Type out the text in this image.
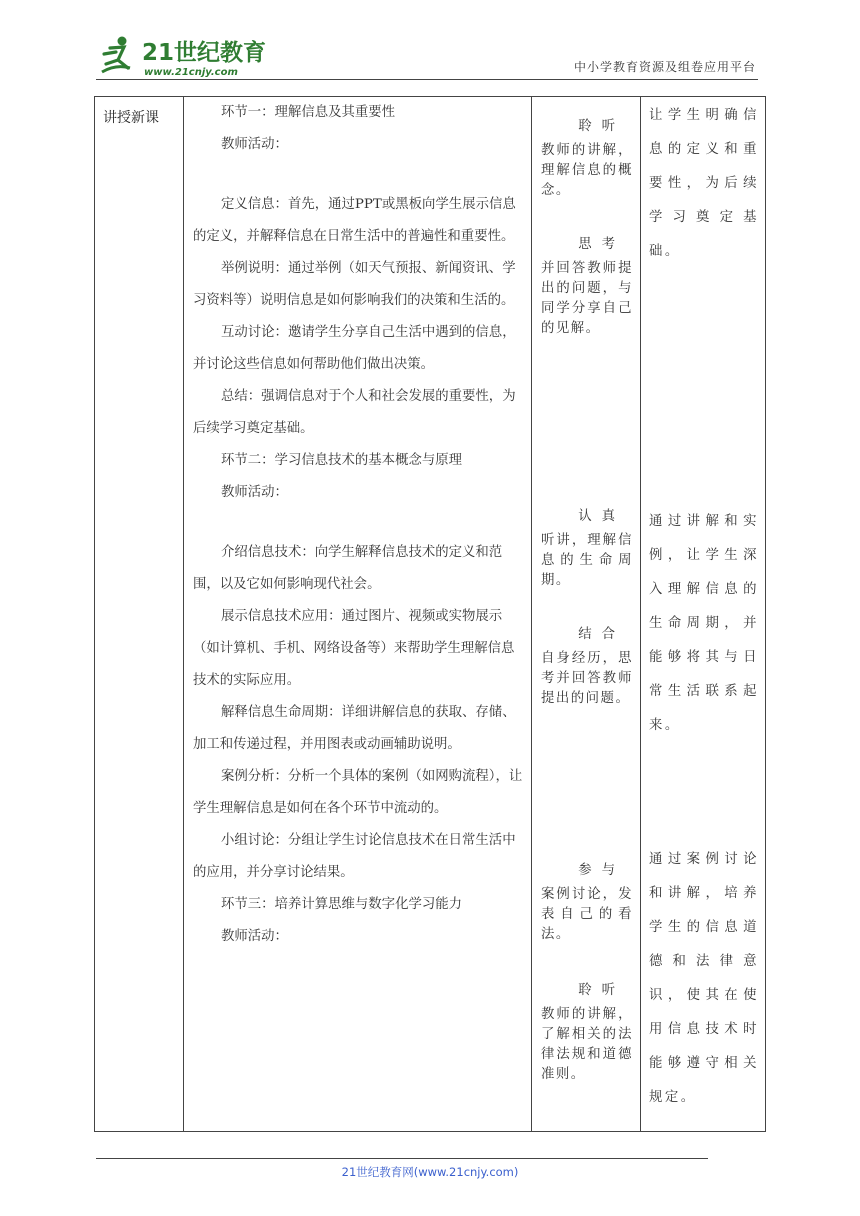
21世纪教育
www.21cnjy.com	中小学教育资源及组卷应用平台
讲授新课	环节一：理解信息及其重要性

教师活动：

定义信息：首先，通过PPT或黑板向学生展示信息的定义，并解释信息在日常生活中的普遍性和重要性。

举例说明：通过举例（如天气预报、新闻资讯、学习资料等）说明信息是如何影响我们的决策和生活的。

互动讨论：邀请学生分享自己生活中遇到的信息，并讨论这些信息如何帮助他们做出决策。

总结：强调信息对于个人和社会发展的重要性，为后续学习奠定基础。

环节二：学习信息技术的基本概念与原理

教师活动：

介绍信息技术：向学生解释信息技术的定义和范围，以及它如何影响现代社会。

展示信息技术应用：通过图片、视频或实物展示（如计算机、手机、网络设备等）来帮助学生理解信息技术的实际应用。

解释信息生命周期：详细讲解信息的获取、存储、加工和传递过程，并用图表或动画辅助说明。

案例分析：分析一个具体的案例（如网购流程），让学生理解信息是如何在各个环节中流动的。

小组讨论：分组让学生讨论信息技术在日常生活中的应用，并分享讨论结果。

环节三：培养计算思维与数字化学习能力

教师活动：

聆听
教师的讲解，理解信息的概念。
思考
并回答教师提出的问题，与同学分享自己的见解。
认真
听讲，理解信息的生命周期。
结合
自身经历，思考并回答教师提出的问题。
参与
案例讨论，发表自己的看法。
聆听
教师的讲解，了解相关的法律法规和道德准则。
让学生明确信息的定义和重要性，为后续学习奠定基础。
通过讲解和实例，让学生深入理解信息的生命周期，并能够将其与日常生活联系起来。
通过案例讨论和讲解，培养学生的信息道德和法律意识，使其在使用信息技术时能够遵守相关规定。
21世纪教育网(www.21cnjy.com)
